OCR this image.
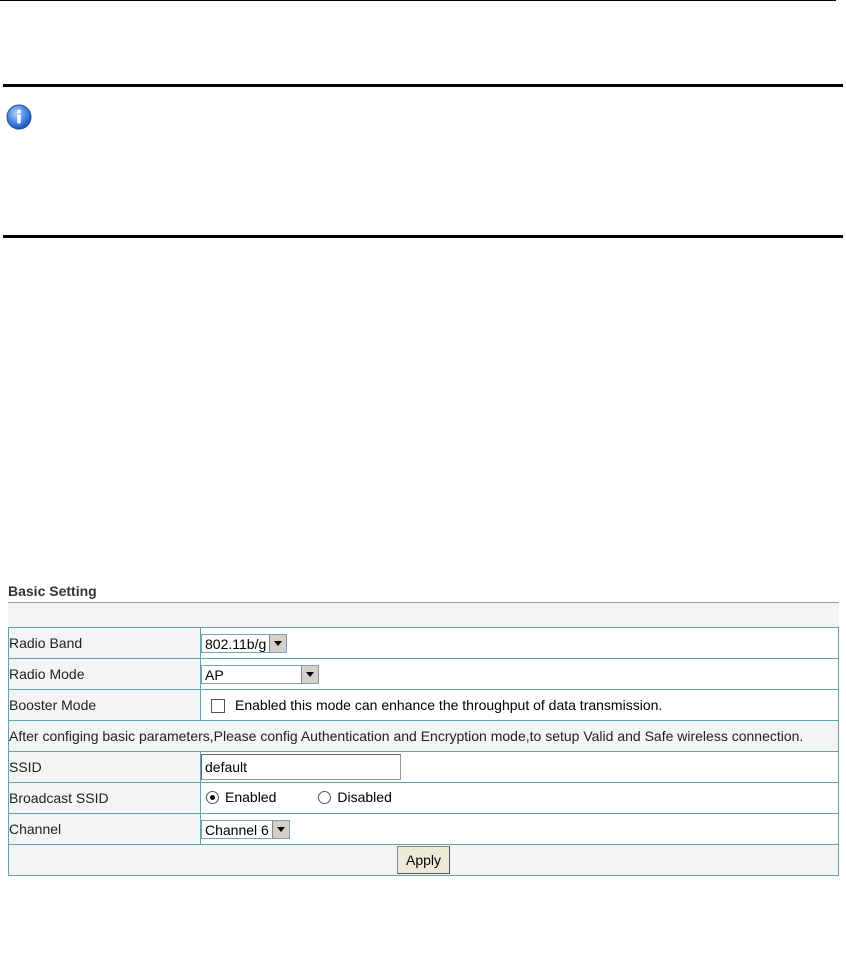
Basic Setting
Radio Band	802.11b/g

Radio Mode	AP

Booster Mode	Enabled this mode can enhance the throughput of data transmission.
After configing basic parameters,Please config Authentication and Encryption mode,to setup Valid and Safe wireless connection.	
SSID	default
Broadcast SSID	Enabled Disabled

Channel	Channel 6

Apply	
